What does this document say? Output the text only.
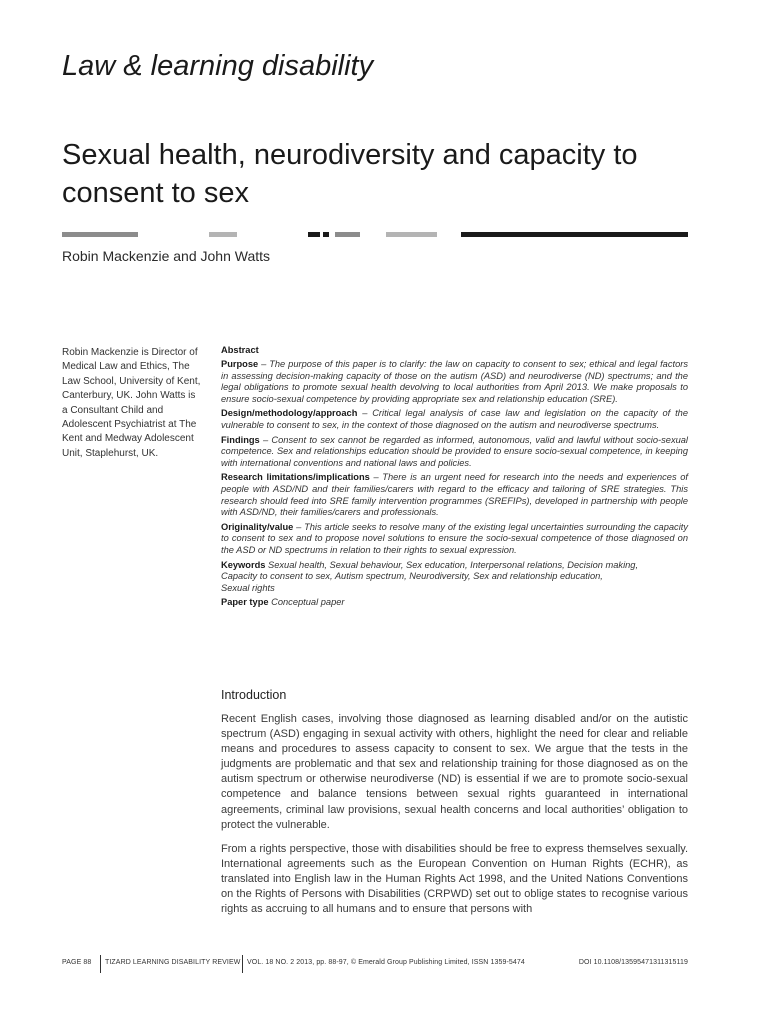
Law & learning disability
Sexual health, neurodiversity and capacity to consent to sex

Robin Mackenzie and John Watts

Robin Mackenzie is Director of Medical Law and Ethics, The Law School, University of Kent, Canterbury, UK. John Watts is a Consultant Child and Adolescent Psychiatrist at The Kent and Medway Adolescent Unit, Staplehurst, UK.
Abstract

Purpose – The purpose of this paper is to clarify: the law on capacity to consent to sex; ethical and legal factors in assessing decision-making capacity of those on the autism (ASD) and neurodiverse (ND) spectrums; and the legal obligations to promote sexual health devolving to local authorities from April 2013. We make proposals to ensure socio-sexual competence by providing appropriate sex and relationship education (SRE).

Design/methodology/approach – Critical legal analysis of case law and legislation on the capacity of the vulnerable to consent to sex, in the context of those diagnosed on the autism and neurodiverse spectrums.

Findings – Consent to sex cannot be regarded as informed, autonomous, valid and lawful without socio-sexual competence. Sex and relationships education should be provided to ensure socio-sexual competence, in keeping with international conventions and national laws and policies.

Research limitations/implications – There is an urgent need for research into the needs and experiences of people with ASD/ND and their families/carers with regard to the efficacy and tailoring of SRE strategies. This research should feed into SRE family intervention programmes (SREFIPs), developed in partnership with people with ASD/ND, their families/carers and professionals.

Originality/value – This article seeks to resolve many of the existing legal uncertainties surrounding the capacity to consent to sex and to propose novel solutions to ensure the socio-sexual competence of those diagnosed on the ASD or ND spectrums in relation to their rights to sexual expression.

Keywords Sexual health, Sexual behaviour, Sex education, Interpersonal relations, Decision making,
Capacity to consent to sex, Autism spectrum, Neurodiversity, Sex and relationship education,
Sexual rights

Paper type Conceptual paper

Introduction

Recent English cases, involving those diagnosed as learning disabled and/or on the autistic spectrum (ASD) engaging in sexual activity with others, highlight the need for clear and reliable means and procedures to assess capacity to consent to sex. We argue that the tests in the judgments are problematic and that sex and relationship training for those diagnosed as on the autism spectrum or otherwise neurodiverse (ND) is essential if we are to promote socio-sexual competence and balance tensions between sexual rights guaranteed in international agreements, criminal law provisions, sexual health concerns and local authorities’ obligation to protect the vulnerable.

From a rights perspective, those with disabilities should be free to express themselves sexually. International agreements such as the European Convention on Human Rights (ECHR), as translated into English law in the Human Rights Act 1998, and the United Nations Conventions on the Rights of Persons with Disabilities (CRPWD) set out to oblige states to recognise various rights as accruing to all humans and to ensure that persons with

PAGE 88 TIZARD LEARNING DISABILITY REVIEW VOL. 18 NO. 2 2013, pp. 88-97, © Emerald Group Publishing Limited, ISSN 1359-5474	DOI 10.1108/13595471311315119
